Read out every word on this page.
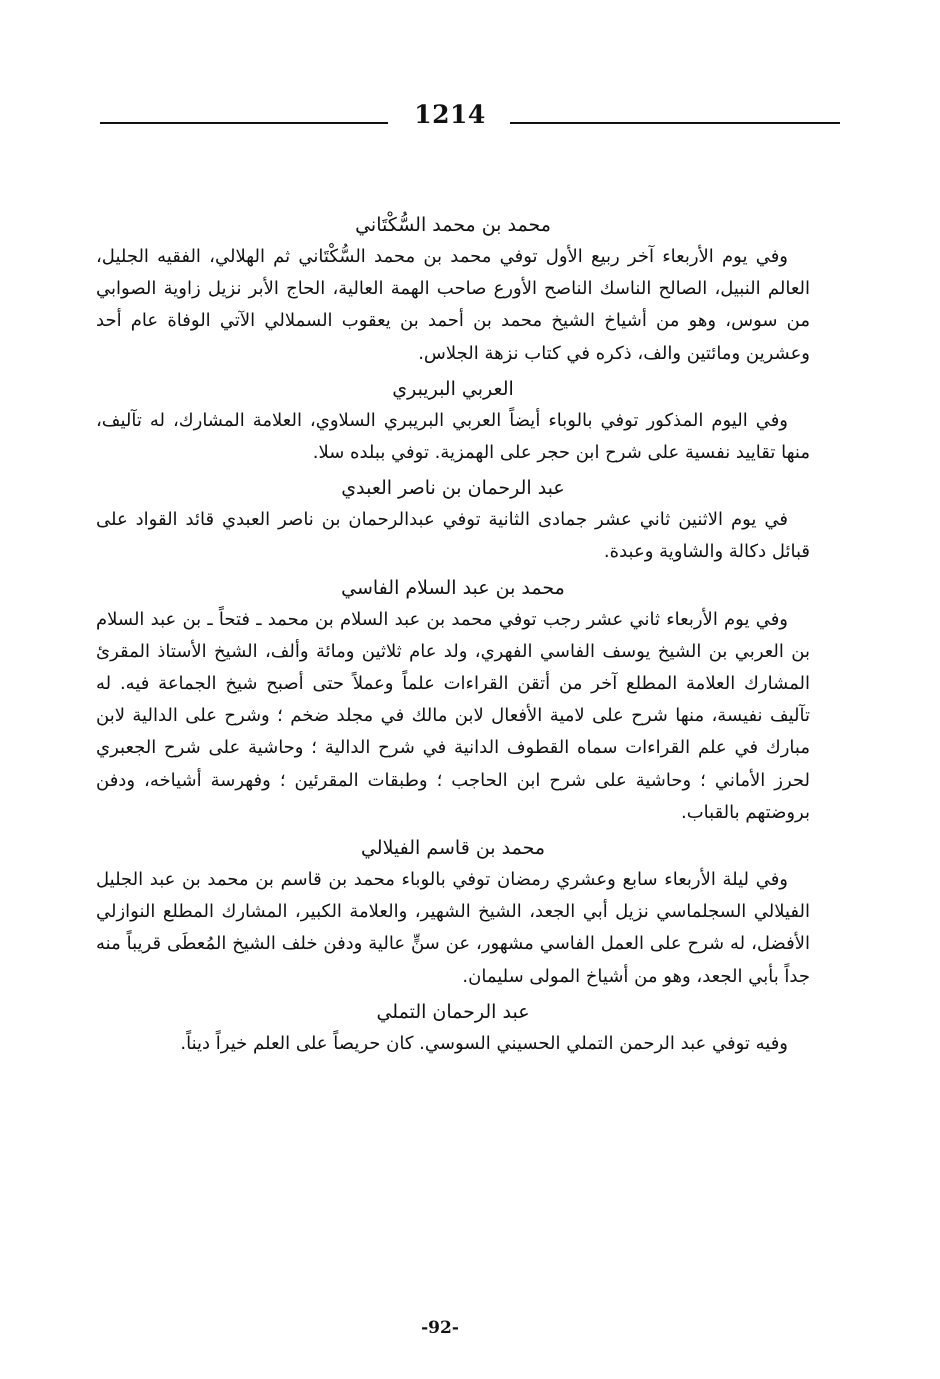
1214
محمد بن محمد السُّكْتَاني

وفي يوم الأربعاء آخر ربيع الأول توفي محمد بن محمد السُّكْتَاني ثم الهلالي، الفقيه الجليل، العالم النبيل، الصالح الناسك الناصح الأورع صاحب الهمة العالية، الحاج الأبر نزيل زاوية الصوابي من سوس، وهو من أشياخ الشيخ محمد بن أحمد بن يعقوب السملالي الآتي الوفاة عام أحد وعشرين ومائتين والف، ذكره في كتاب نزهة الجلاس.

العربي البريبري

وفي اليوم المذكور توفي بالوباء أيضاً العربي البريبري السلاوي، العلامة المشارك، له تآليف، منها تقاييد نفسية على شرح ابن حجر على الهمزية. توفي ببلده سلا.

عبد الرحمان بن ناصر العبدي

في يوم الاثنين ثاني عشر جمادى الثانية توفي عبدالرحمان بن ناصر العبدي قائد القواد على قبائل دكالة والشاوية وعبدة.

محمد بن عبد السلام الفاسي

وفي يوم الأربعاء ثاني عشر رجب توفي محمد بن عبد السلام بن محمد ـ فتحاً ـ بن عبد السلام بن العربي بن الشيخ يوسف الفاسي الفهري، ولد عام ثلاثين ومائة وألف، الشيخ الأستاذ المقرئ المشارك العلامة المطلع آخر من أتقن القراءات علماً وعملاً حتى أصبح شيخ الجماعة فيه. له تآليف نفيسة، منها شرح على لامية الأفعال لابن مالك في مجلد ضخم ؛ وشرح على الدالية لابن مبارك في علم القراءات سماه القطوف الدانية في شرح الدالية ؛ وحاشية على شرح الجعبري لحرز الأماني ؛ وحاشية على شرح ابن الحاجب ؛ وطبقات المقرئين ؛ وفهرسة أشياخه، ودفن بروضتهم بالقباب.

محمد بن قاسم الفيلالي

وفي ليلة الأربعاء سابع وعشري رمضان توفي بالوباء محمد بن قاسم بن محمد بن عبد الجليل الفيلالي السجلماسي نزيل أبي الجعد، الشيخ الشهير، والعلامة الكبير، المشارك المطلع النوازلي الأفضل، له شرح على العمل الفاسي مشهور، عن سنٍّ عالية ودفن خلف الشيخ المُعطَى قريباً منه جداً بأبي الجعد، وهو من أشياخ المولى سليمان.

عبد الرحمان التملي

وفيه توفي عبد الرحمن التملي الحسيني السوسي. كان حريصاً على العلم خيراً ديناً.

-92-
